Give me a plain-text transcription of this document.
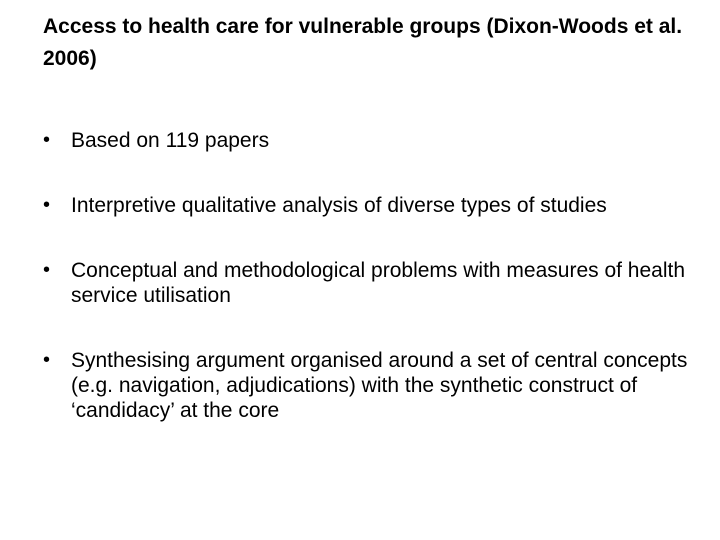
Access to health care for vulnerable groups (Dixon-Woods et al. 2006)
• Based on 119 papers
• Interpretive qualitative analysis of diverse types of studies
• Conceptual and methodological problems with measures of health service utilisation
• Synthesising argument organised around a set of central concepts (e.g. navigation, adjudications) with the synthetic construct of ‘candidacy’ at the core
